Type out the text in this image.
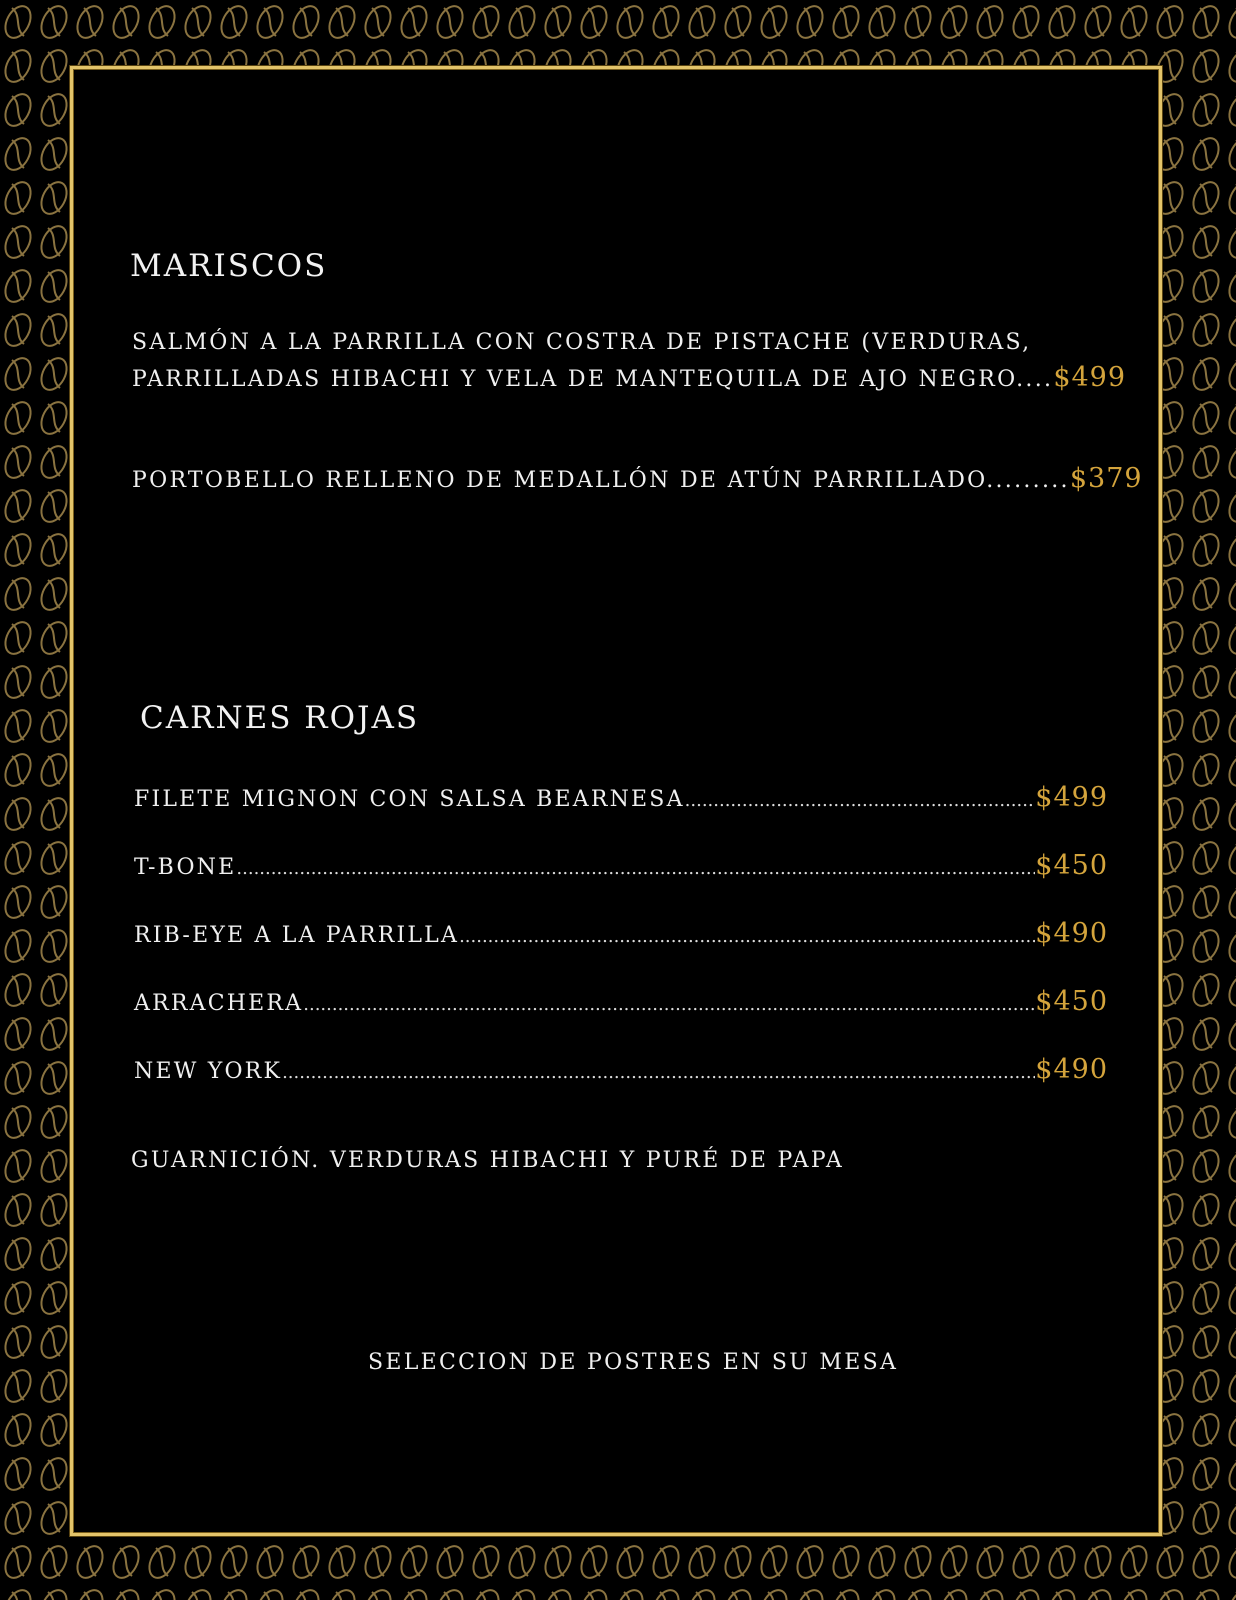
MARISCOS
SALMÓN A LA PARRILLA CON COSTRA DE PISTACHE (VERDURAS,
PARRILLADAS HIBACHI Y VELA DE MANTEQUILA DE AJO NEGRO....$499
PORTOBELLO RELLENO DE MEDALLÓN DE ATÚN PARRILLADO.........$379
CARNES ROJAS
FILETE MIGNON CON SALSA BEARNESA .....	$499
T-BONE .....	$450
RIB-EYE A LA PARRILLA .....	$490
ARRACHERA .....	$450
NEW YORK .....	$490
GUARNICIÓN. VERDURAS HIBACHI Y PURÉ DE PAPA
SELECCION DE POSTRES EN SU MESA
